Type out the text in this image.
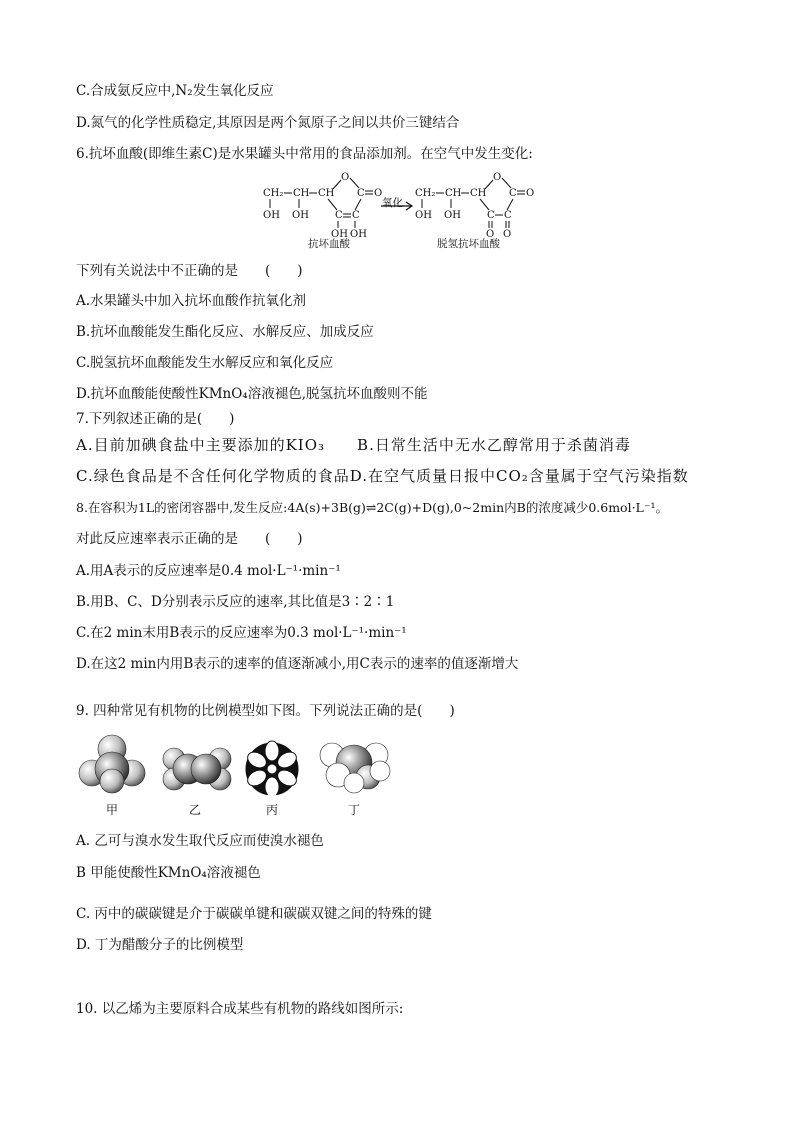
C.合成氨反应中,N₂发生氧化反应
D.氮气的化学性质稳定,其原因是两个氮原子之间以共价三键结合
6.抗坏血酸(即维生素C)是水果罐头中常用的食品添加剂。在空气中发生变化:
CH₂ CH CH
OH OH
O
C O
C C
OH OH
CH₂ CH CH
OH OH
O
C O
C C
O O
氧化
抗坏血酸	脱氢抗坏血酸
下列有关说法中不正确的是　　(　　)
A.水果罐头中加入抗坏血酸作抗氧化剂
B.抗坏血酸能发生酯化反应、水解反应、加成反应
C.脱氢抗坏血酸能发生水解反应和氧化反应
D.抗坏血酸能使酸性KMnO₄溶液褪色,脱氢抗坏血酸则不能
7.下列叙述正确的是(　　)
A.目前加碘食盐中主要添加的KIO₃　　B.日常生活中无水乙醇常用于杀菌消毒
C.绿色食品是不含任何化学物质的食品D.在空气质量日报中CO₂含量属于空气污染指数
8.在容积为1L的密闭容器中,发生反应:4A(s)+3B(g)⇌2C(g)+D(g),0~2min内B的浓度减少0.6mol·L⁻¹。
对此反应速率表示正确的是　　(　　)
A.用A表示的反应速率是0.4 mol·L⁻¹·min⁻¹
B.用B、C、D分别表示反应的速率,其比值是3∶2∶1
C.在2 min末用B表示的反应速率为0.3 mol·L⁻¹·min⁻¹
D.在这2 min内用B表示的速率的值逐渐减小,用C表示的速率的值逐渐增大
9. 四种常见有机物的比例模型如下图。下列说法正确的是(　　)
甲	乙	丙	丁
A. 乙可与溴水发生取代反应而使溴水褪色
B 甲能使酸性KMnO₄溶液褪色
C. 丙中的碳碳键是介于碳碳单键和碳碳双键之间的特殊的键
D. 丁为醋酸分子的比例模型
10. 以乙烯为主要原料合成某些有机物的路线如图所示:
